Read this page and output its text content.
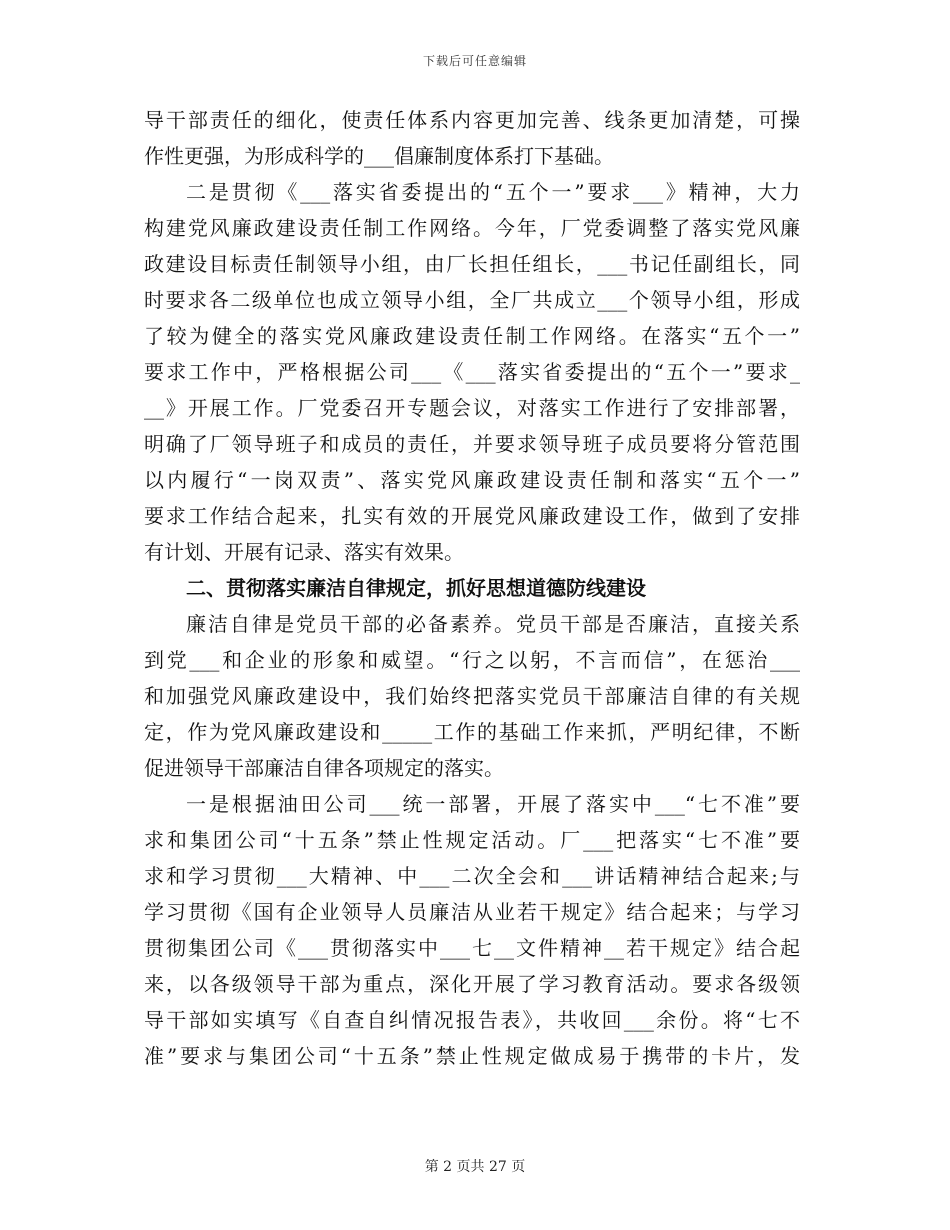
下载后可任意编辑
导干部责任的细化，使责任体系内容更加完善、线条更加清楚，可操
作性更强，为形成科学的___倡廉制度体系打下基础。
二是贯彻《___落实省委提出的“五个一”要求___》精神，大力
构建党风廉政建设责任制工作网络。今年，厂党委调整了落实党风廉
政建设目标责任制领导小组，由厂长担任组长，___书记任副组长，同
时要求各二级单位也成立领导小组，全厂共成立___个领导小组，形成
了较为健全的落实党风廉政建设责任制工作网络。在落实“五个一”
要求工作中，严格根据公司___《___落实省委提出的“五个一”要求_
__》开展工作。厂党委召开专题会议，对落实工作进行了安排部署，
明确了厂领导班子和成员的责任，并要求领导班子成员要将分管范围
以内履行“一岗双责”、落实党风廉政建设责任制和落实“五个一”
要求工作结合起来，扎实有效的开展党风廉政建设工作，做到了安排
有计划、开展有记录、落实有效果。
二、贯彻落实廉洁自律规定，抓好思想道德防线建设
廉洁自律是党员干部的必备素养。党员干部是否廉洁，直接关系
到党___和企业的形象和威望。“行之以躬，不言而信”，在惩治___
和加强党风廉政建设中，我们始终把落实党员干部廉洁自律的有关规
定，作为党风廉政建设和_____工作的基础工作来抓，严明纪律，不断
促进领导干部廉洁自律各项规定的落实。
一是根据油田公司___统一部署，开展了落实中___“七不准”要
求和集团公司“十五条”禁止性规定活动。厂___把落实“七不准”要
求和学习贯彻___大精神、中___二次全会和___讲话精神结合起来;与
学习贯彻《国有企业领导人员廉洁从业若干规定》结合起来；与学习
贯彻集团公司《___贯彻落实中___七__文件精神__若干规定》结合起
来，以各级领导干部为重点，深化开展了学习教育活动。要求各级领
导干部如实填写《自查自纠情况报告表》，共收回___余份。将“七不
准”要求与集团公司“十五条”禁止性规定做成易于携带的卡片，发
第 2 页共 27 页
